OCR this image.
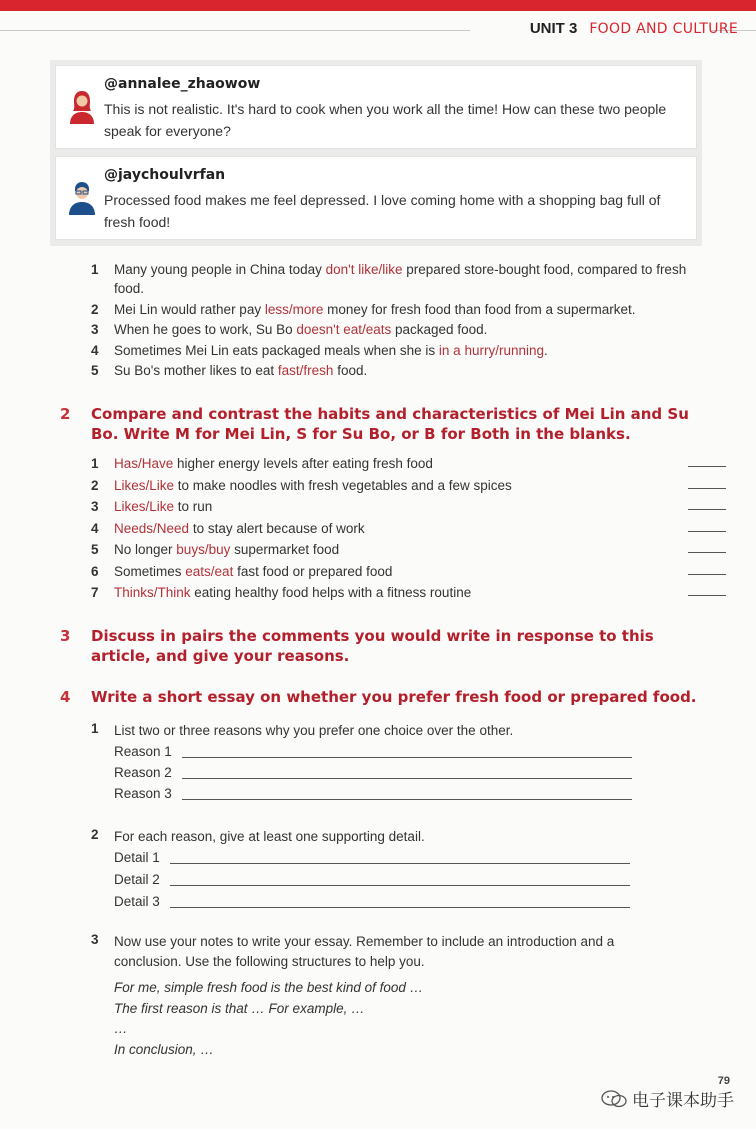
UNIT 3 FOOD AND CULTURE
@annalee_zhaowow
This is not realistic. It's hard to cook when you work all the time! How can these two people speak for everyone?
@jaychoulvrfan
Processed food makes me feel depressed. I love coming home with a shopping bag full of fresh food!
1 Many young people in China today don't like/like prepared store-bought food, compared to fresh food.
2 Mei Lin would rather pay less/more money for fresh food than food from a supermarket.
3 When he goes to work, Su Bo doesn't eat/eats packaged food.
4 Sometimes Mei Lin eats packaged meals when she is in a hurry/running.
5 Su Bo's mother likes to eat fast/fresh food.
2	Compare and contrast the habits and characteristics of Mei Lin and Su Bo. Write M for Mei Lin, S for Su Bo, or B for Both in the blanks.
1 Has/Have higher energy levels after eating fresh food
2 Likes/Like to make noodles with fresh vegetables and a few spices
3 Likes/Like to run
4 Needs/Need to stay alert because of work
5 No longer buys/buy supermarket food
6 Sometimes eats/eat fast food or prepared food
7 Thinks/Think eating healthy food helps with a fitness routine
3	Discuss in pairs the comments you would write in response to this article, and give your reasons.
4	Write a short essay on whether you prefer fresh food or prepared food.
1 List two or three reasons why you prefer one choice over the other.
Reason 1
Reason 2
Reason 3
2 For each reason, give at least one supporting detail.
Detail 1
Detail 2
Detail 3
3 Now use your notes to write your essay. Remember to include an introduction and a conclusion. Use the following structures to help you.
For me, simple fresh food is the best kind of food …
The first reason is that … For example, …
…
In conclusion, …
79
电子课本助手
